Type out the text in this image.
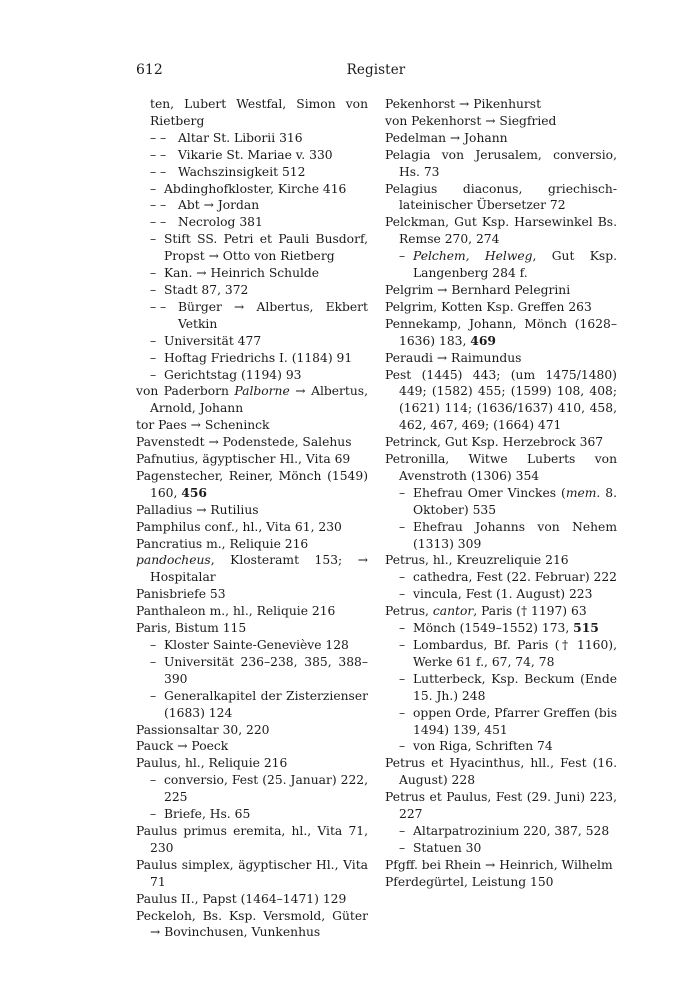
612	Register
ten, Lubert Westfal, Simon von Rietberg
– – Altar St. Liborii 316
– – Vikarie St. Mariae v. 330
– – Wachszinsigkeit 512
– Abdinghofkloster, Kirche 416
– – Abt → Jordan
– – Necrolog 381
– Stift SS. Petri et Pauli Busdorf, Propst → Otto von Rietberg
– Kan. → Heinrich Schulde
– Stadt 87, 372
– – Bürger → Albertus, Ekbert Vetkin
– Universität 477
– Hoftag Friedrichs I. (1184) 91
– Gerichtstag (1194) 93
von Paderborn Palborne → Albertus, Arnold, Johann
tor Paes → Scheninck
Pavenstedt → Podenstede, Salehus
Pafnutius, ägyptischer Hl., Vita 69
Pagenstecher, Reiner, Mönch (1549) 160, 456
Palladius → Rutilius
Pamphilus conf., hl., Vita 61, 230
Pancratius m., Reliquie 216
pandocheus, Klosteramt 153; → Hospitalar
Panisbriefe 53
Panthaleon m., hl., Reliquie 216
Paris, Bistum 115
– Kloster Sainte-Geneviève 128
– Universität 236–238, 385, 388–390
– Generalkapitel der Zisterzienser (1683) 124
Passionsaltar 30, 220
Pauck → Poeck
Paulus, hl., Reliquie 216
– conversio, Fest (25. Januar) 222, 225
– Briefe, Hs. 65
Paulus primus eremita, hl., Vita 71, 230
Paulus simplex, ägyptischer Hl., Vita 71
Paulus II., Papst (1464–1471) 129
Peckeloh, Bs. Ksp. Versmold, Güter → Bovinchusen, Vunkenhus
Pekenhorst → Pikenhurst
von Pekenhorst → Siegfried
Pedelman → Johann
Pelagia von Jerusalem, conversio, Hs. 73
Pelagius diaconus, griechisch-lateinischer Übersetzer 72
Pelckman, Gut Ksp. Harsewinkel Bs. Remse 270, 274
– Pelchem, Helweg, Gut Ksp. Langenberg 284 f.
Pelgrim → Bernhard Pelegrini
Pelgrim, Kotten Ksp. Greffen 263
Pennekamp, Johann, Mönch (1628–1636) 183, 469
Peraudi → Raimundus
Pest (1445) 443; (um 1475/1480) 449; (1582) 455; (1599) 108, 408; (1621) 114; (1636/1637) 410, 458, 462, 467, 469; (1664) 471
Petrinck, Gut Ksp. Herzebrock 367
Petronilla, Witwe Luberts von Avenstroth (1306) 354
– Ehefrau Omer Vinckes (mem. 8. Oktober) 535
– Ehefrau Johanns von Nehem (1313) 309
Petrus, hl., Kreuzreliquie 216
– cathedra, Fest (22. Februar) 222
– vincula, Fest (1. August) 223
Petrus, cantor, Paris († 1197) 63
– Mönch (1549–1552) 173, 515
– Lombardus, Bf. Paris († 1160), Werke 61 f., 67, 74, 78
– Lutterbeck, Ksp. Beckum (Ende 15. Jh.) 248
– oppen Orde, Pfarrer Greffen (bis 1494) 139, 451
– von Riga, Schriften 74
Petrus et Hyacinthus, hll., Fest (16. August) 228
Petrus et Paulus, Fest (29. Juni) 223, 227
– Altarpatrozinium 220, 387, 528
– Statuen 30
Pfgff. bei Rhein → Heinrich, Wilhelm
Pferdegürtel, Leistung 150
